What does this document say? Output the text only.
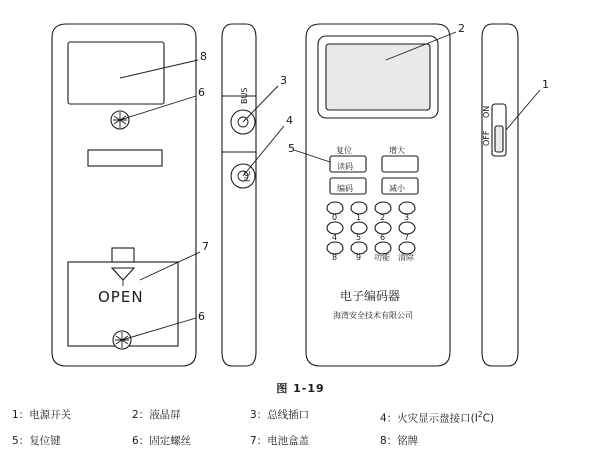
OPEN
BUS
I²C
复位
读码
编码
增大
减小
0 1 2 3
4 5 6 7
8 9 功能 清除
电子编码器
海湾安全技术有限公司
ON
OFF
8
6
6
7
3
4
5
2
1
图 1-19
1：电源开关	2：液晶屏	3：总线插口	4：火灾显示盘接口$(I^2C)$
5：复位键	6：固定螺丝	7：电池盒盖	8：铭牌
